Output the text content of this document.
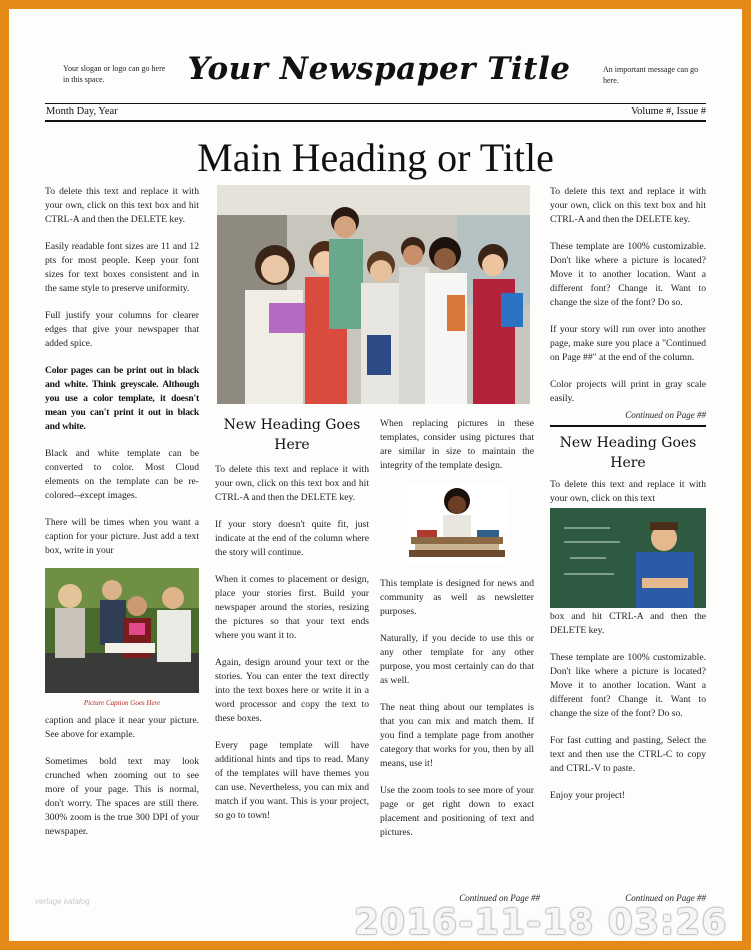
Your slogan or logo can go here in this space.	Your Newspaper Title	An important message can go here.
Month Day, Year	Volume #, Issue #
Main Heading or Title

To delete this text and replace it with your own, click on this text box and hit CTRL-A and then the DELETE key.

Easily readable font sizes are 11 and 12 pts for most people. Keep your font sizes for text boxes consistent and in the same style to preserve uniformity.

Full justify your columns for clearer edges that give your newspaper that added spice.

Color pages can be print out in black and white. Think greyscale. Although you use a color template, it doesn't mean you can't print it out in black and white.

Black and white template can be converted to color. Most Cloud elements on the template can be re-colored--except images.

There will be times when you want a caption for your picture. Just add a text box, write in your

Picture Caption Goes Here

caption and place it near your picture. See above for example.

Sometimes bold text may look crunched when zooming out to see more of your page. This is normal, don't worry. The spaces are still there. 300% zoom is the true 300 DPI of your newspaper.

New Heading Goes Here

To delete this text and replace it with your own, click on this text box and hit CTRL-A and then the DELETE key.

If your story doesn't quite fit, just indicate at the end of the column where the story will continue.

When it comes to placement or design, place your stories first. Build your newspaper around the stories, resizing the pictures so that your text ends where you want it to.

Again, design around your text or the stories. You can enter the text directly into the text boxes here or write it in a word processor and copy the text to these boxes.

Every page template will have additional hints and tips to read. Many of the templates will have themes you can use. Nevertheless, you can mix and match if you want. This is your project, so go to town!

When replacing pictures in these templates, consider using pictures that are similar in size to maintain the integrity of the template design.

This template is designed for news and community as well as newsletter purposes.

Naturally, if you decide to use this or any other template for any other purpose, you most certainly can do that as well.

The neat thing about our templates is that you can mix and match them. If you find a template page from another category that works for you, then by all means, use it!

Use the zoom tools to see more of your page or get right down to exact placement and positioning of text and pictures.

Continued on Page ##

To delete this text and replace it with your own, click on this text box and hit CTRL-A and then the DELETE key.

These template are 100% customizable. Don't like where a picture is located? Move it to another location. Want a different font? Change it. Want to change the size of the font? Do so.

If your story will run over into another page, make sure you place a "Continued on Page ##" at the end of the column.

Color projects will print in gray scale easily.

Continued on Page ##
New Heading Goes Here

To delete this text and replace it with your own, click on this text

box and hit CTRL-A and then the DELETE key.

These template are 100% customizable. Don't like where a picture is located? Move it to another location. Want a different font? Change it. Want to change the size of the font? Do so.

For fast cutting and pasting, Select the text and then use the CTRL-C to copy and CTRL-V to paste.

Enjoy your project!

Continued on Page ##
vertage katalog
2016-11-18 03:26
